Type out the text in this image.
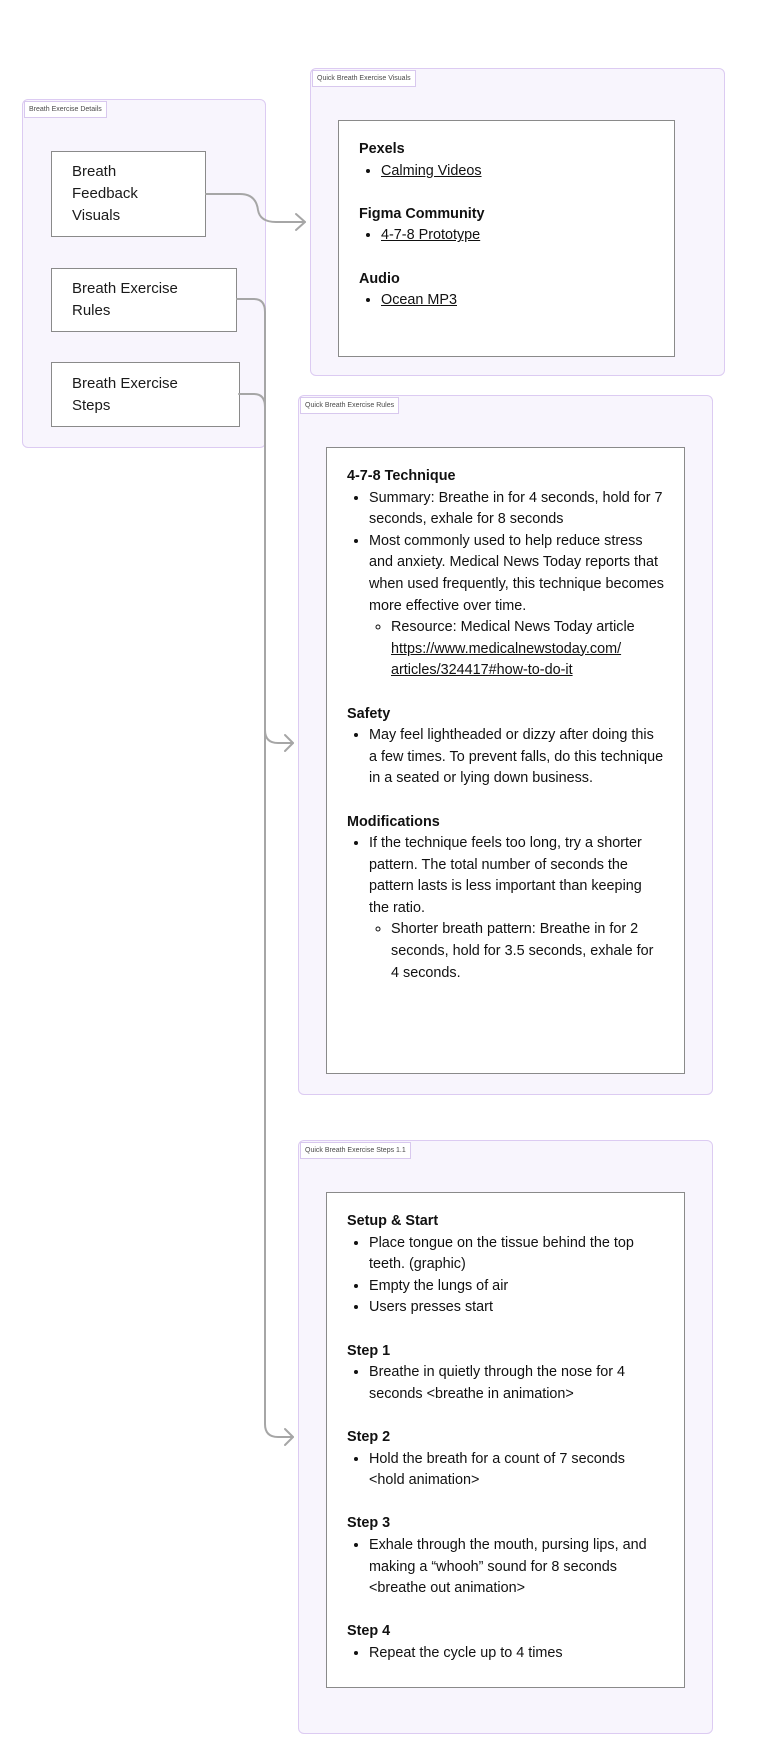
Breath Exercise Details
Breath Feedback Visuals
Breath Exercise Rules
Breath Exercise Steps
Quick Breath Exercise Visuals
Pexels
• Calming Videos
Figma Community
• 4-7-8 Prototype
Audio
• Ocean MP3
Quick Breath Exercise Rules
4-7-8 Technique
• Summary: Breathe in for 4 seconds, hold for 7 seconds, exhale for 8 seconds
• Most commonly used to help reduce stress and anxiety. Medical News Today reports that when used frequently, this technique becomes more effective over time.
◦ Resource: Medical News Today article
https://www.medicalnewstoday.com/
articles/324417#how-to-do-it
Safety
• May feel lightheaded or dizzy after doing this a few times. To prevent falls, do this technique in a seated or lying down business.
Modifications
• If the technique feels too long, try a shorter pattern. The total number of seconds the pattern lasts is less important than keeping the ratio.
◦ Shorter breath pattern: Breathe in for 2 seconds, hold for 3.5 seconds, exhale for 4 seconds.
Quick Breath Exercise Steps 1.1
Setup & Start
• Place tongue on the tissue behind the top teeth. (graphic)
• Empty the lungs of air
• Users presses start
Step 1
• Breathe in quietly through the nose for 4 seconds <breathe in animation>
Step 2
• Hold the breath for a count of 7 seconds <hold animation>
Step 3
• Exhale through the mouth, pursing lips, and making a “whooh” sound for 8 seconds <breathe out animation>
Step 4
• Repeat the cycle up to 4 times
